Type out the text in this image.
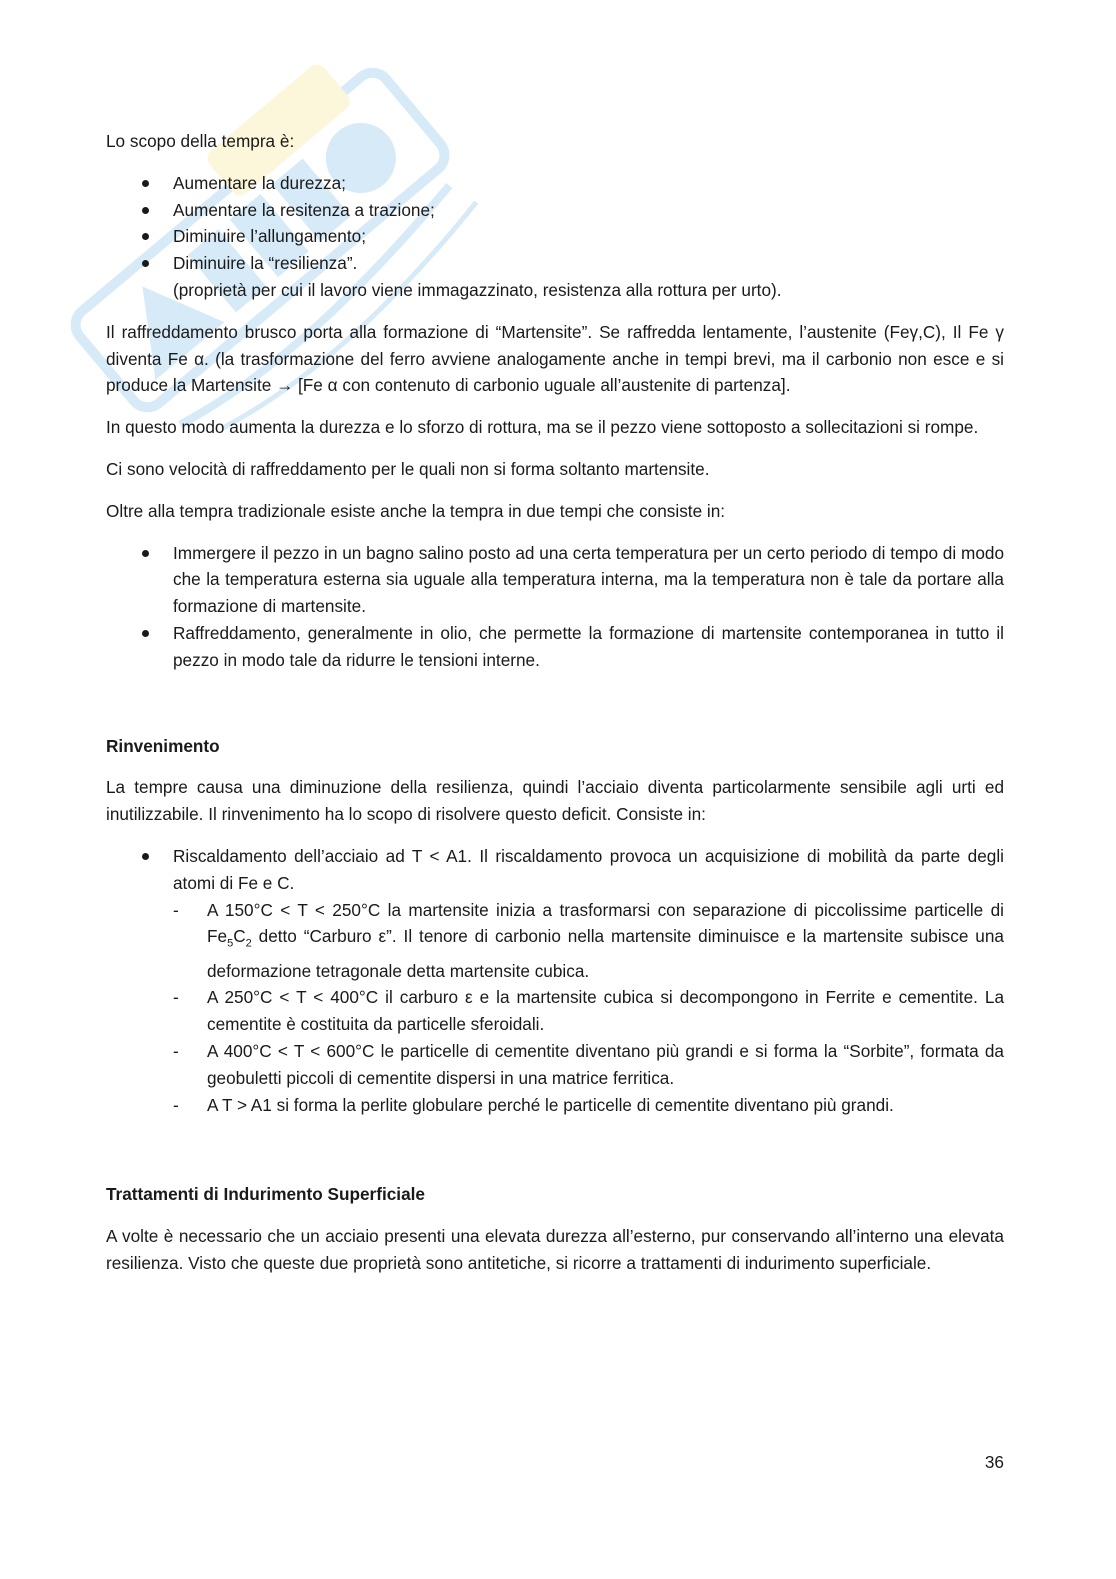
Lo scopo della tempra è:

Aumentare la durezza;
Aumentare la resitenza a trazione;
Diminuire l’allungamento;
Diminuire la “resilienza”.
(proprietà per cui il lavoro viene immagazzinato, resistenza alla rottura per urto).

Il raffreddamento brusco porta alla formazione di “Martensite”. Se raffredda lentamente, l’austenite (Feγ,C), Il Fe γ diventa Fe α. (la trasformazione del ferro avviene analogamente anche in tempi brevi, ma il carbonio non esce e si produce la Martensite → [Fe α con contenuto di carbonio uguale all’austenite di partenza].

In questo modo aumenta la durezza e lo sforzo di rottura, ma se il pezzo viene sottoposto a sollecitazioni si rompe.

Ci sono velocità di raffreddamento per le quali non si forma soltanto martensite.

Oltre alla tempra tradizionale esiste anche la tempra in due tempi che consiste in:

Immergere il pezzo in un bagno salino posto ad una certa temperatura per un certo periodo di tempo di modo che la temperatura esterna sia uguale alla temperatura interna, ma la temperatura non è tale da portare alla formazione di martensite.
Raffreddamento, generalmente in olio, che permette la formazione di martensite contemporanea in tutto il pezzo in modo tale da ridurre le tensioni interne.
Rinvenimento

La tempre causa una diminuzione della resilienza, quindi l’acciaio diventa particolarmente sensibile agli urti ed inutilizzabile. Il rinvenimento ha lo scopo di risolvere questo deficit. Consiste in:

Riscaldamento dell’acciaio ad T < A1. Il riscaldamento provoca un acquisizione di mobilità da parte degli atomi di Fe e C.
- A 150°C < T < 250°C la martensite inizia a trasformarsi con separazione di piccolissime particelle di $Fe_5C_2$ detto “Carburo ε”. Il tenore di carbonio nella martensite diminuisce e la martensite subisce una deformazione tetragonale detta martensite cubica.
- A 250°C < T < 400°C il carburo ε e la martensite cubica si decompongono in Ferrite e cementite. La cementite è costituita da particelle sferoidali.
- A 400°C < T < 600°C le particelle di cementite diventano più grandi e si forma la “Sorbite”, formata da geobuletti piccoli di cementite dispersi in una matrice ferritica.
- A T > A1 si forma la perlite globulare perché le particelle di cementite diventano più grandi.
Trattamenti di Indurimento Superficiale

A volte è necessario che un acciaio presenti una elevata durezza all’esterno, pur conservando all’interno una elevata resilienza. Visto che queste due proprietà sono antitetiche, si ricorre a trattamenti di indurimento superficiale.

36
